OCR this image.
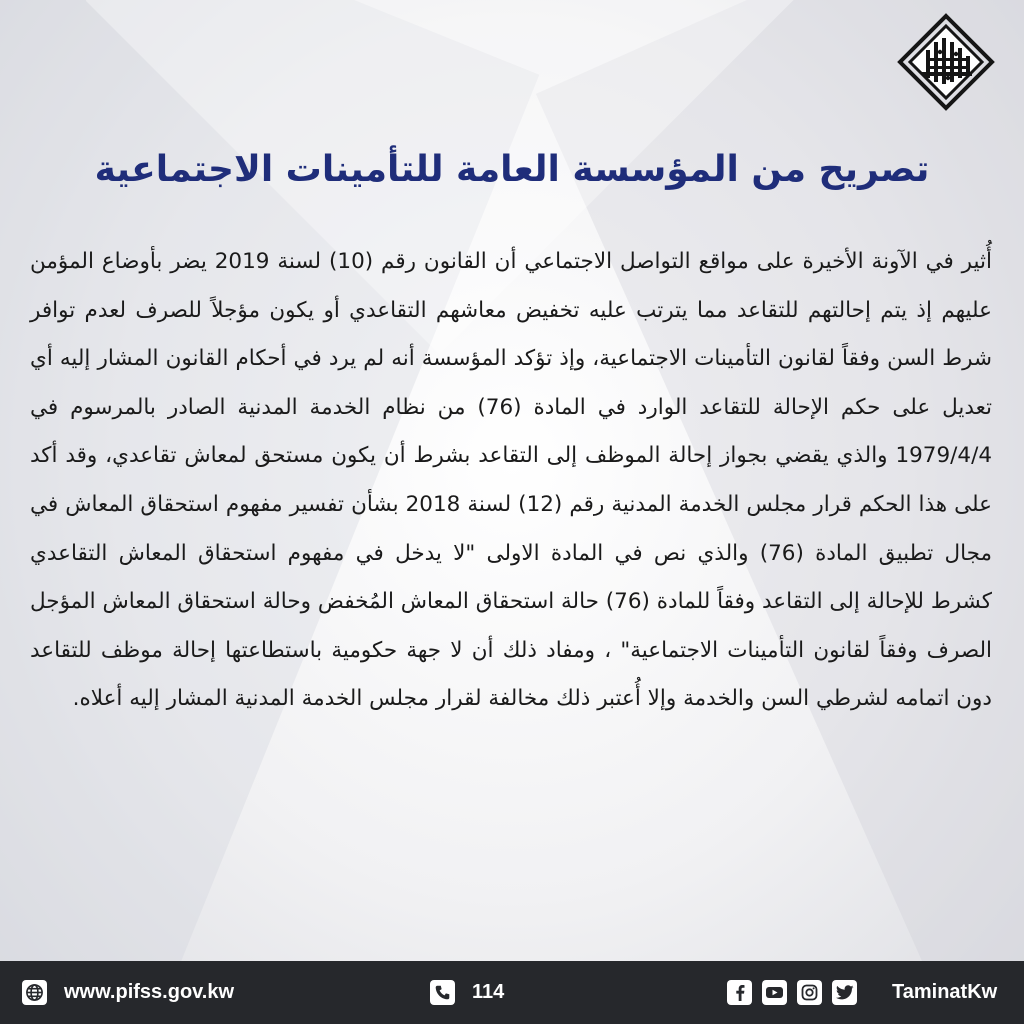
تصريح من المؤسسة العامة للتأمينات الاجتماعية

أُثير في الآونة الأخيرة على مواقع التواصل الاجتماعي أن القانون رقم (10) لسنة 2019 يضر بأوضاع المؤمن عليهم إذ يتم إحالتهم للتقاعد مما يترتب عليه تخفيض معاشهم التقاعدي أو يكون مؤجلاً للصرف لعدم توافر شرط السن وفقاً لقانون التأمينات الاجتماعية، وإذ تؤكد المؤسسة أنه لم يرد في أحكام القانون المشار إليه أي تعديل على حكم الإحالة للتقاعد الوارد في المادة (76) من نظام الخدمة المدنية الصادر بالمرسوم في 1979/4/4 والذي يقضي بجواز إحالة الموظف إلى التقاعد بشرط أن يكون مستحق لمعاش تقاعدي، وقد أكد على هذا الحكم قرار مجلس الخدمة المدنية رقم (12) لسنة 2018 بشأن تفسير مفهوم استحقاق المعاش في مجال تطبيق المادة (76) والذي نص في المادة الاولى "لا يدخل في مفهوم استحقاق المعاش التقاعدي كشرط للإحالة إلى التقاعد وفقاً للمادة (76) حالة استحقاق المعاش المُخفض وحالة استحقاق المعاش المؤجل الصرف وفقاً لقانون التأمينات الاجتماعية" ، ومفاد ذلك أن لا جهة حكومية باستطاعتها إحالة موظف للتقاعد دون اتمامه لشرطي السن والخدمة وإلا أُعتبر ذلك مخالفة لقرار مجلس الخدمة المدنية المشار إليه أعلاه.

www.pifss.gov.kw	114	TaminatKw
